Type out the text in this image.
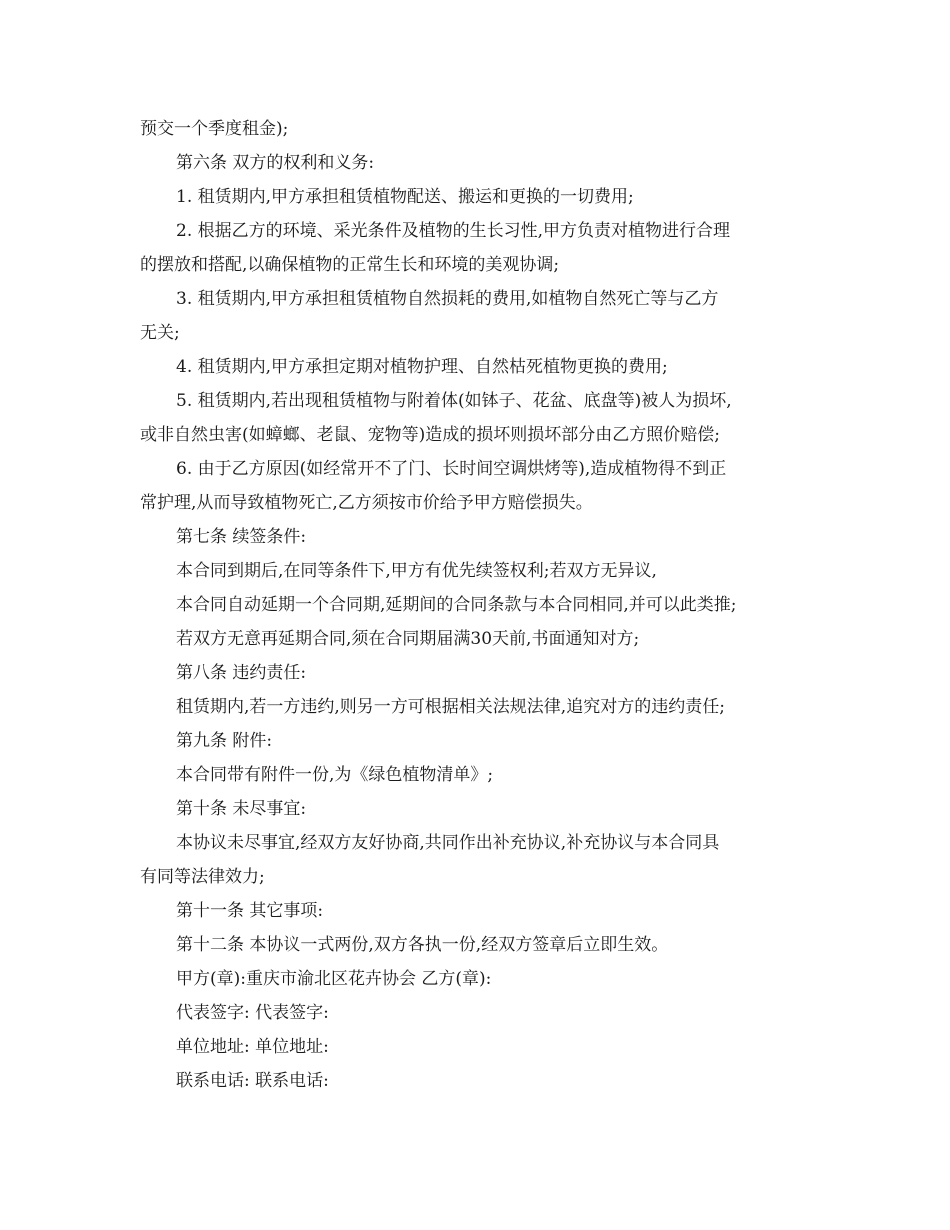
预交一个季度租金);
第六条 双方的权利和义务:
1. 租赁期内,甲方承担租赁植物配送、搬运和更换的一切费用;
2. 根据乙方的环境、采光条件及植物的生长习性,甲方负责对植物进行合理
的摆放和搭配,以确保植物的正常生长和环境的美观协调;
3. 租赁期内,甲方承担租赁植物自然损耗的费用,如植物自然死亡等与乙方
无关;
4. 租赁期内,甲方承担定期对植物护理、自然枯死植物更换的费用;
5. 租赁期内,若出现租赁植物与附着体(如钵子、花盆、底盘等)被人为损坏,
或非自然虫害(如蟑螂、老鼠、宠物等)造成的损坏则损坏部分由乙方照价赔偿;
6. 由于乙方原因(如经常开不了门、长时间空调烘烤等),造成植物得不到正
常护理,从而导致植物死亡,乙方须按市价给予甲方赔偿损失。
第七条 续签条件:
本合同到期后,在同等条件下,甲方有优先续签权利;若双方无异议,
本合同自动延期一个合同期,延期间的合同条款与本合同相同,并可以此类推;
若双方无意再延期合同,须在合同期届满30天前,书面通知对方;
第八条 违约责任:
租赁期内,若一方违约,则另一方可根据相关法规法律,追究对方的违约责任;
第九条 附件:
本合同带有附件一份,为《绿色植物清单》;
第十条 未尽事宜:
本协议未尽事宜,经双方友好协商,共同作出补充协议,补充协议与本合同具
有同等法律效力;
第十一条 其它事项:
第十二条 本协议一式两份,双方各执一份,经双方签章后立即生效。
甲方(章):重庆市渝北区花卉协会 乙方(章):
代表签字: 代表签字:
单位地址: 单位地址:
联系电话: 联系电话:
